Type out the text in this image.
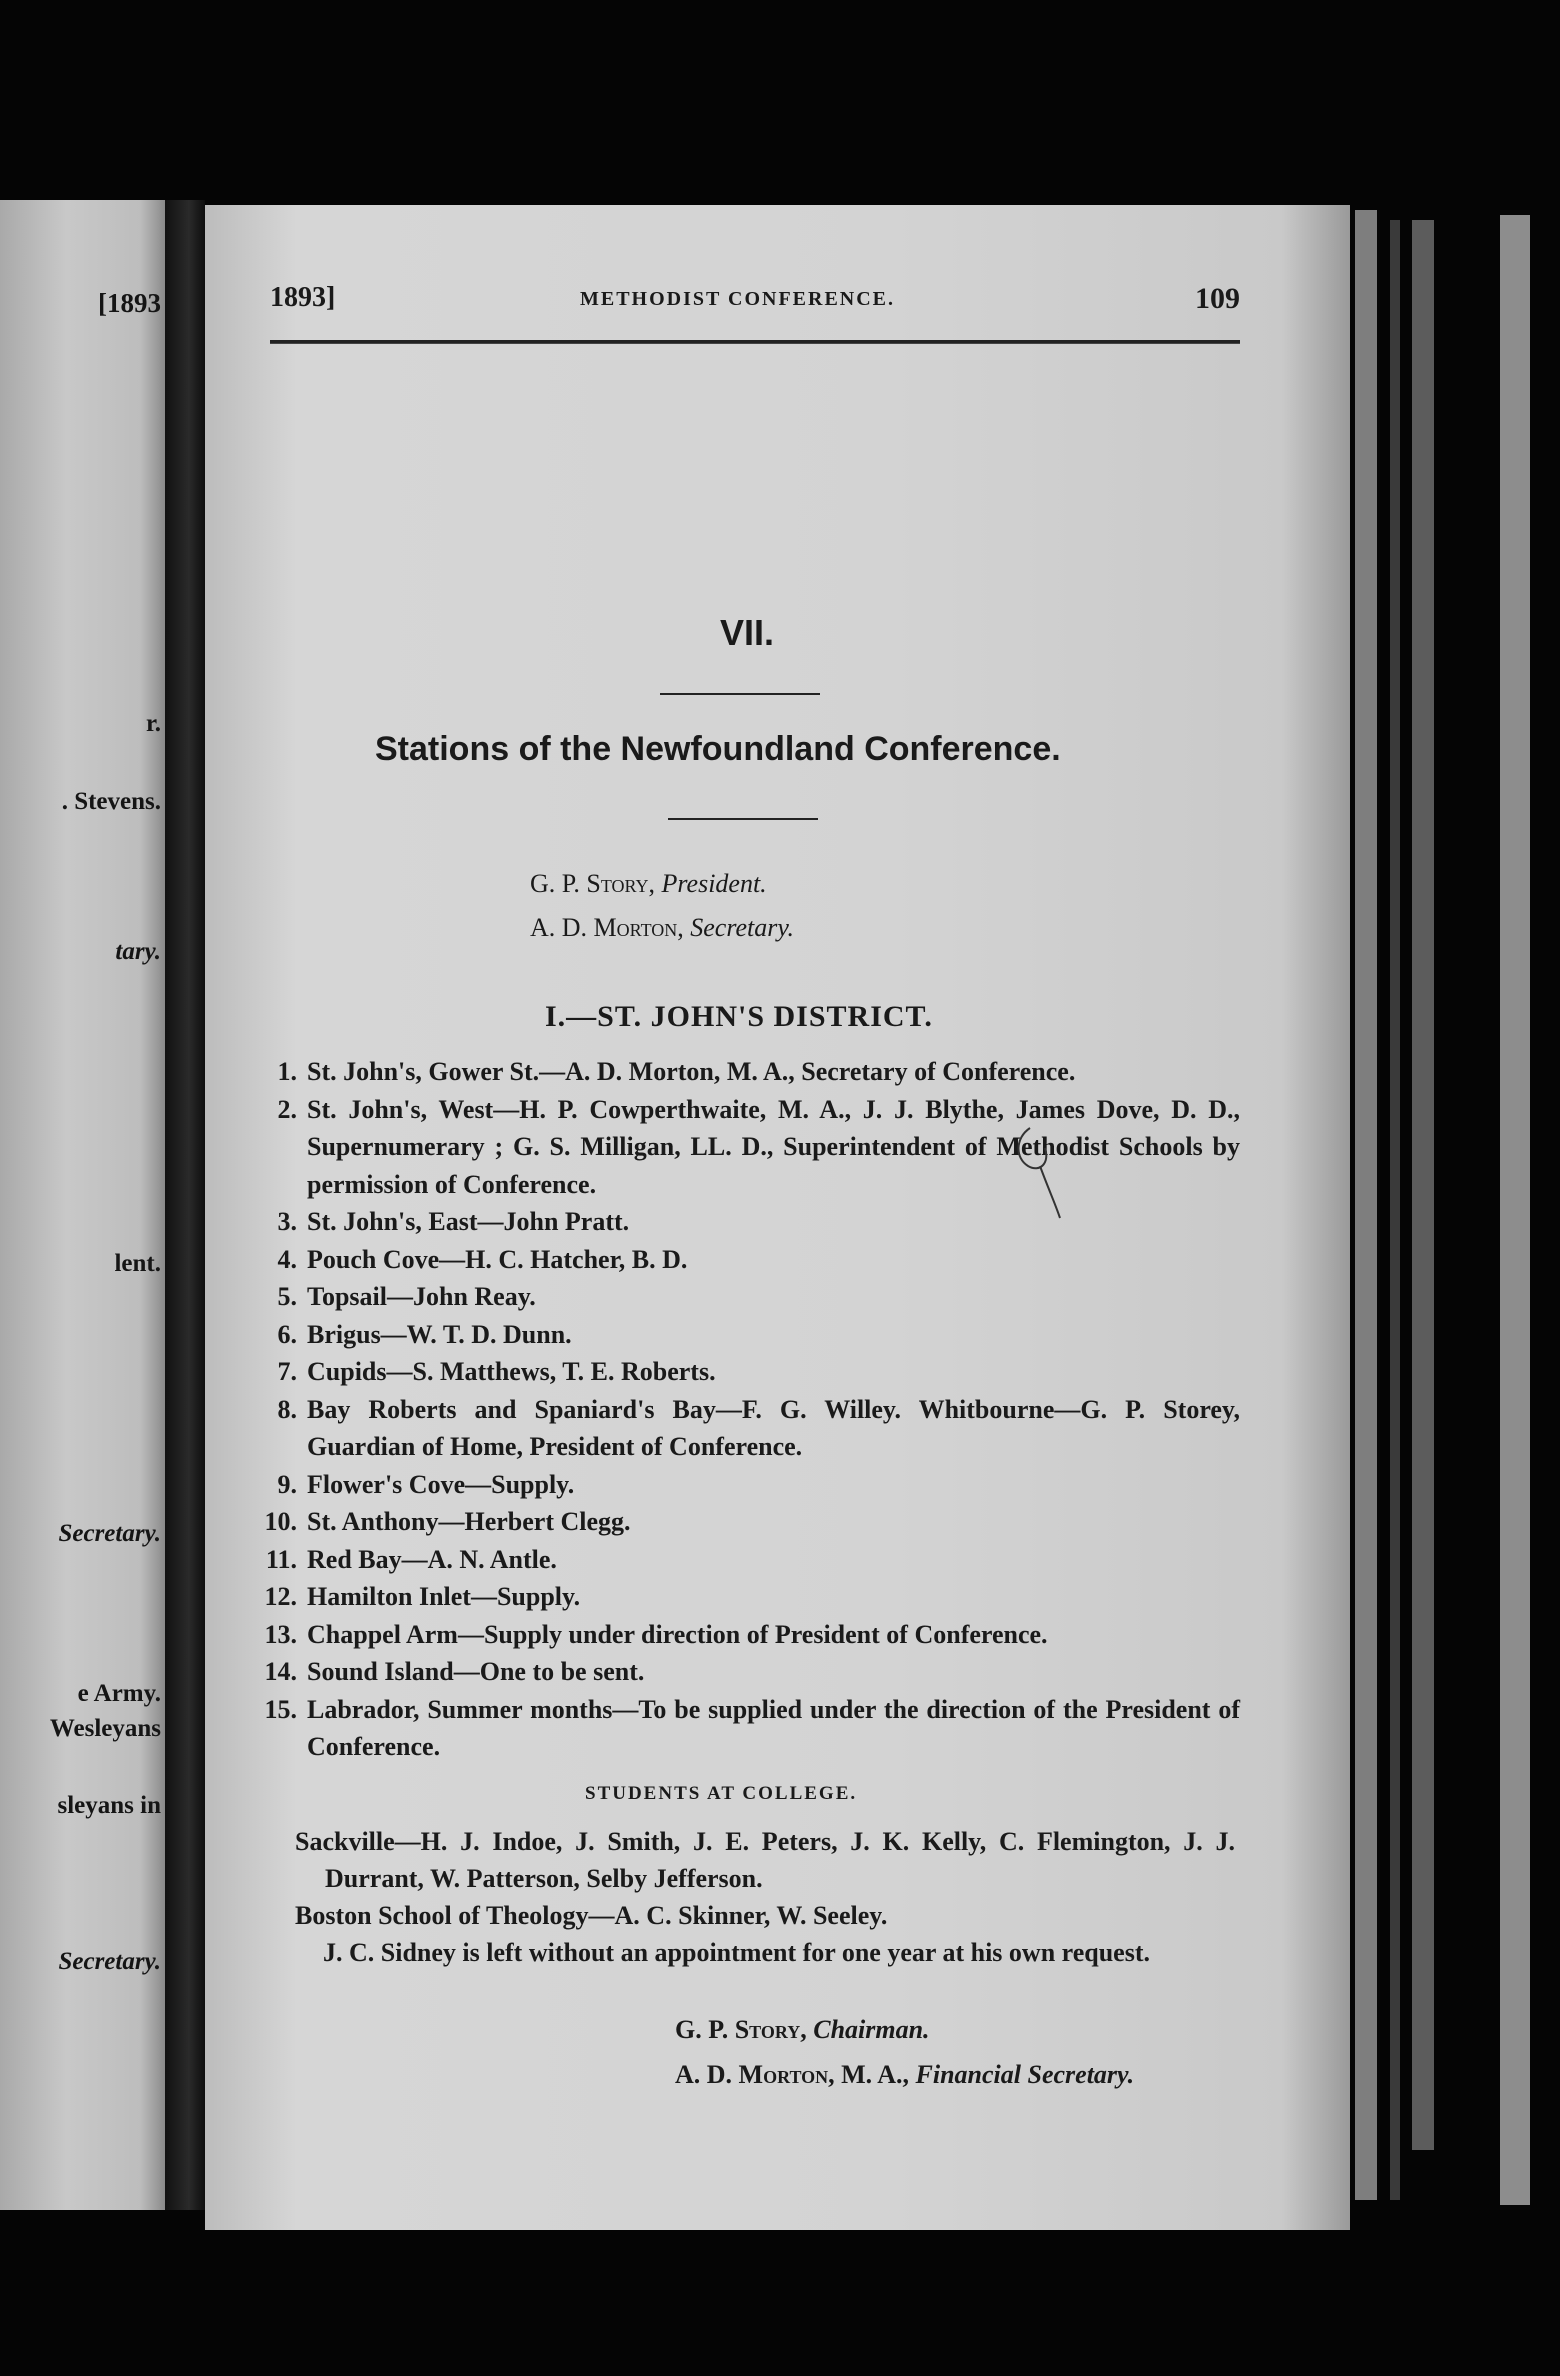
[1893
r.
. Stevens.
tary.
lent.
Secretary.
e Army.
Wesleyans
sleyans in
Secretary.
1893]	METHODIST CONFERENCE.	109
VII.
Stations of the Newfoundland Conference.
G. P. Story, President.
A. D. Morton, Secretary.
I.—ST. JOHN'S DISTRICT.
1. St. John's, Gower St.—A. D. Morton, M. A., Secretary of Conference.
2. St. John's, West—H. P. Cowperthwaite, M. A., J. J. Blythe, James Dove, D. D., Supernumerary ; G. S. Milligan, LL. D., Superintendent of Methodist Schools by permission of Conference.
3. St. John's, East—John Pratt.
4. Pouch Cove—H. C. Hatcher, B. D.
5. Topsail—John Reay.
6. Brigus—W. T. D. Dunn.
7. Cupids—S. Matthews, T. E. Roberts.
8. Bay Roberts and Spaniard's Bay—F. G. Willey. Whitbourne—G. P. Storey, Guardian of Home, President of Conference.
9. Flower's Cove—Supply.
10. St. Anthony—Herbert Clegg.
11. Red Bay—A. N. Antle.
12. Hamilton Inlet—Supply.
13. Chappel Arm—Supply under direction of President of Conference.
14. Sound Island—One to be sent.
15. Labrador, Summer months—To be supplied under the direction of the President of Conference.
STUDENTS AT COLLEGE.
Sackville—H. J. Indoe, J. Smith, J. E. Peters, J. K. Kelly, C. Flemington, J. J. Durrant, W. Patterson, Selby Jefferson.
Boston School of Theology—A. C. Skinner, W. Seeley.
J. C. Sidney is left without an appointment for one year at his own request.
G. P. Story, Chairman.
A. D. Morton, M. A., Financial Secretary.
